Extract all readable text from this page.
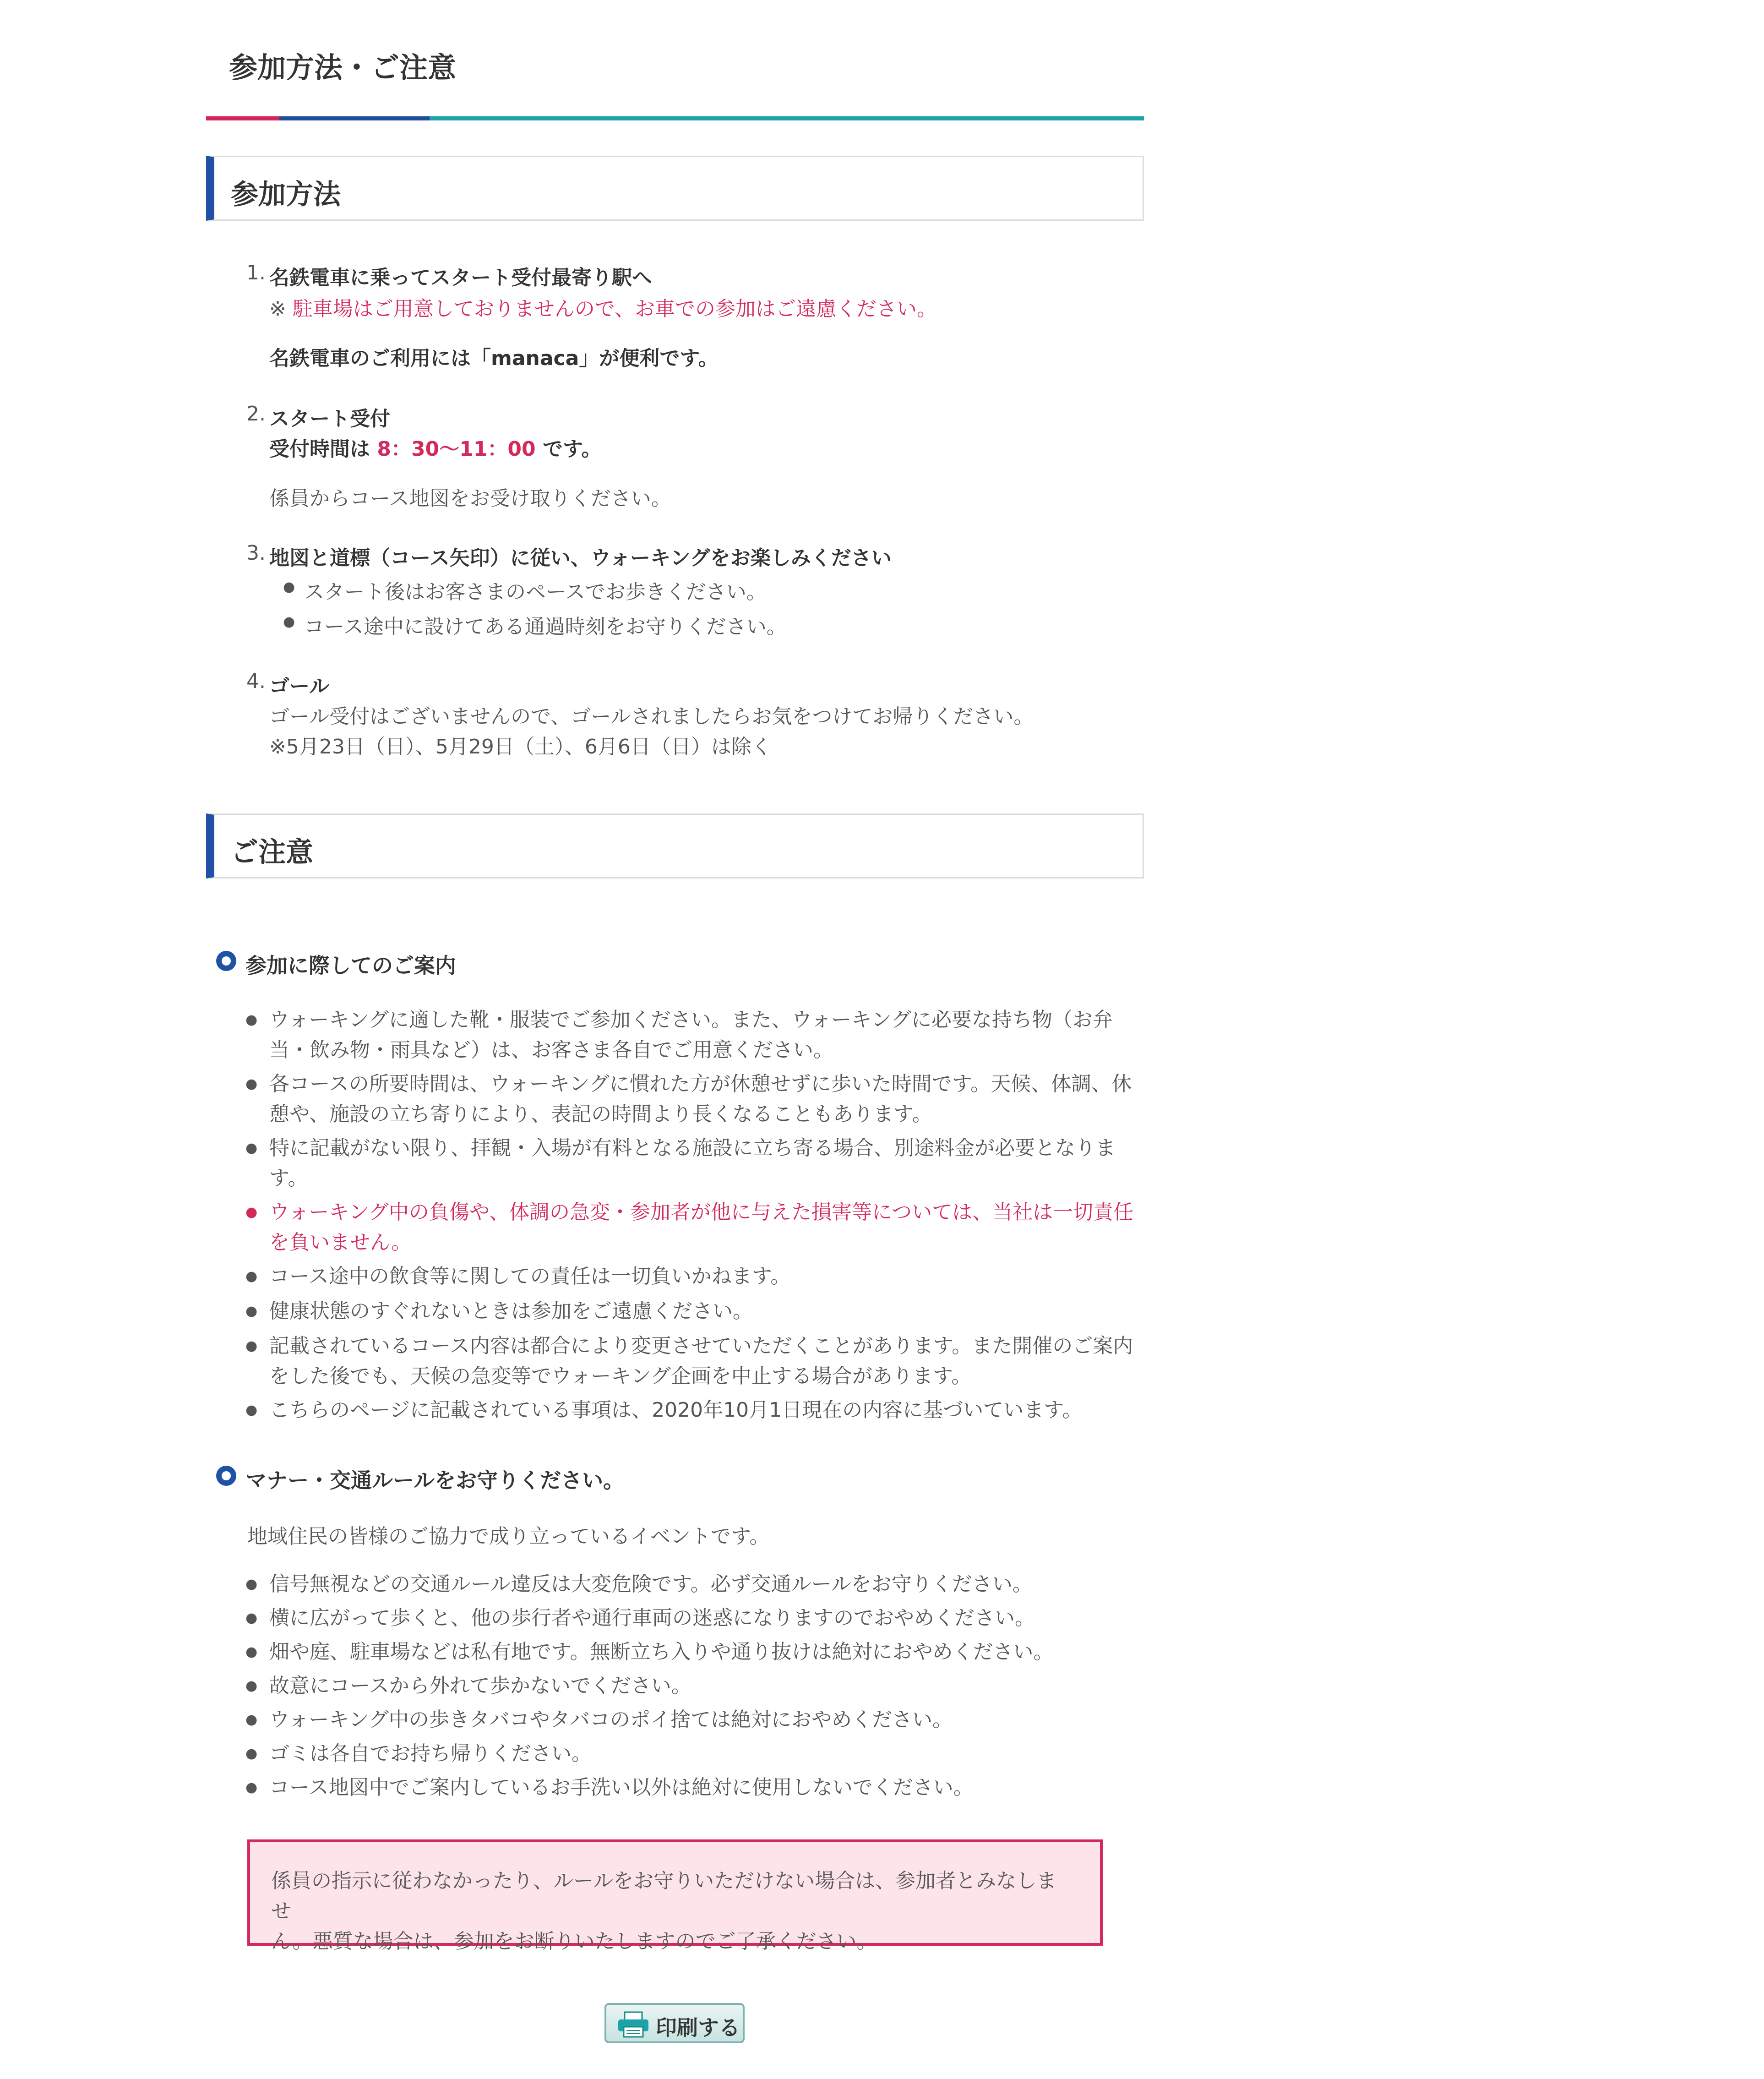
参加方法・ご注意
参加方法
1. 名鉄電車に乗ってスタート受付最寄り駅へ
※ 駐車場はご用意しておりませんので、お車での参加はご遠慮ください。
名鉄電車のご利用には「manaca」が便利です。
2. スタート受付
受付時間は 8：30～11：00 です。
係員からコース地図をお受け取りください。
3. 地図と道標（コース矢印）に従い、ウォーキングをお楽しみください
● スタート後はお客さまのペースでお歩きください。
● コース途中に設けてある通過時刻をお守りください。
4. ゴール
ゴール受付はございませんので、ゴールされましたらお気をつけてお帰りください。
※5月23日（日）、5月29日（土）、6月6日（日）は除く
ご注意
参加に際してのご案内
● ウォーキングに適した靴・服装でご参加ください。また、ウォーキングに必要な持ち物（お弁
当・飲み物・雨具など）は、お客さま各自でご用意ください。
● 各コースの所要時間は、ウォーキングに慣れた方が休憩せずに歩いた時間です。天候、体調、休
憩や、施設の立ち寄りにより、表記の時間より長くなることもあります。
● 特に記載がない限り、拝観・入場が有料となる施設に立ち寄る場合、別途料金が必要となりま
す。
● ウォーキング中の負傷や、体調の急変・参加者が他に与えた損害等については、当社は一切責任
を負いません。
● コース途中の飲食等に関しての責任は一切負いかねます。
● 健康状態のすぐれないときは参加をご遠慮ください。
● 記載されているコース内容は都合により変更させていただくことがあります。また開催のご案内
をした後でも、天候の急変等でウォーキング企画を中止する場合があります。
● こちらのページに記載されている事項は、2020年10月1日現在の内容に基づいています。
マナー・交通ルールをお守りください。
地域住民の皆様のご協力で成り立っているイベントです。
● 信号無視などの交通ルール違反は大変危険です。必ず交通ルールをお守りください。
● 横に広がって歩くと、他の歩行者や通行車両の迷惑になりますのでおやめください。
● 畑や庭、駐車場などは私有地です。無断立ち入りや通り抜けは絶対におやめください。
● 故意にコースから外れて歩かないでください。
● ウォーキング中の歩きタバコやタバコのポイ捨ては絶対におやめください。
● ゴミは各自でお持ち帰りください。
● コース地図中でご案内しているお手洗い以外は絶対に使用しないでください。
係員の指示に従わなかったり、ルールをお守りいただけない場合は、参加者とみなしませ
ん。悪質な場合は、参加をお断りいたしますのでご了承ください。
印刷する
